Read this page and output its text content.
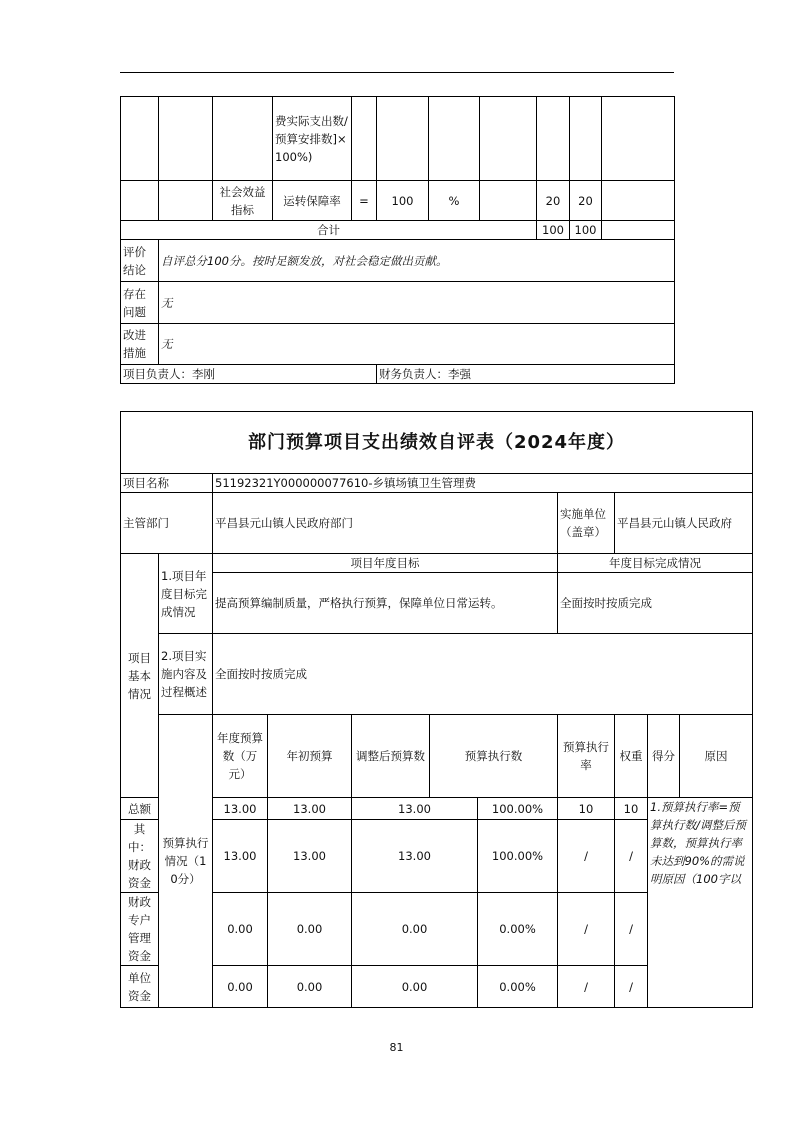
			费实际支出数/预算安排数]×100%)							
		社会效益指标	运转保障率	=	100	%		20	20	
合计								100	100	
评价结论	自评总分100分。按时足额发放，对社会稳定做出贡献。									
存在问题	无									
改进措施	无									
项目负责人：李刚					财务负责人：李强					
部门预算项目支出绩效自评表（2024年度）										
项目名称		51192321Y000000077610-乡镇场镇卫生管理费								
主管部门		平昌县元山镇人民政府部门					实施单位（盖章）	平昌县元山镇人民政府		
项目基本情况	1.项目年度目标完成情况	项目年度目标					年度目标完成情况			
		提高预算编制质量，严格执行预算，保障单位日常运转。					全面按时按质完成			
	2.项目实施内容及过程概述	全面按时按质完成								
	预算执行情况（10分）	年度预算数（万元）	年初预算	调整后预算数	预算执行数		预算执行率	权重	得分	原因
总额		13.00	13.00	13.00		100.00%	10	10	1.预算执行率=预算执行数/调整后预算数，预算执行率未达到90%的需说明原因（100字以	
其中：财政资金		13.00	13.00	13.00		100.00%	/	/		
财政专户管理资金		0.00	0.00	0.00		0.00%	/	/		
单位资金		0.00	0.00	0.00		0.00%	/	/		
81
